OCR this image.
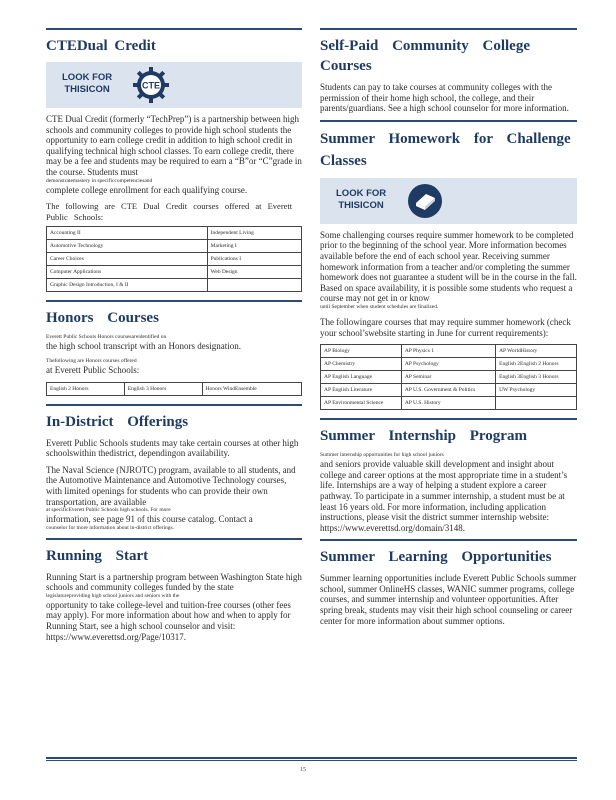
CTEDual Credit
LOOK FOR
THISICON	CTE

CTE Dual Credit (formerly “TechPrep”) is a partnership between high schools and community colleges to provide high school students the opportunity to earn college credit in addition to high school credit in qualifying technical high school classes. To earn college credit, there may be a fee and students may be required to earn a “B”or “C”grade in the course. Students must
demonstratemastery in specificcompetenciesand
complete college enrollment for each qualifying course.

The following are CTE Dual Credit courses offered at Everett Public Schools:

Accounting II	Independent Living
Automotive Technology	Marketing I
Career Choices	Publications I
Computer Applications	Web Design
Graphic Design Introduction, I & II	
Honors Courses

Everett Public Schools Honors coursesareidentified on
the high school transcript with an Honors designation.

Thefollowing are Honors courses offered
at Everett Public Schools:

English 2 Honors	English 3 Honors	Honors WindEnsemble
In-District Offerings

Everett Public Schools students may take certain courses at other high schoolswithin thedistrict, dependingon availability.

The Naval Science (NJROTC) program, available to all students, and the Automotive Maintenance and Automotive Technology courses, with limited openings for students who can provide their own transportation, are available
at specificEverett Public Schools high schools. For more
information, see page 91 of this course catalog. Contact a
counselor for more information about in-district offerings.

Running Start

Running Start is a partnership program between Washington State high schools and community colleges funded by the state
legislatureproviding high school juniors and seniors with the
opportunity to take college-level and tuition-free courses (other fees may apply). For more information about how and when to apply for Running Start, see a high school counselor and visit: https://www.everettsd.org/Page/10317.

Self-Paid Community College Courses

Students can pay to take courses at community colleges with the permission of their home high school, the college, and their parents/guardians. See a high school counselor for more information.

Summer Homework for Challenge Classes
LOOK FOR
THISICON

Some challenging courses require summer homework to be completed prior to the beginning of the school year. More information becomes available before the end of each school year. Receiving summer homework information from a teacher and/or completing the summer homework does not guarantee a student will be in the course in the fall. Based on space availability, it is possible some students who request a course may not get in or know
until September when student schedules are finalized.

The followingare courses that may require summer homework (check your school’swebsite starting in June for current requirements):

AP Biology	AP Physics 1	AP WorldHistory
AP Chemistry	AP Psychology	English 2English 2 Honors
AP English Language	AP Seminar	English 3English 3 Honors
AP English Literature	AP U.S. Government & Politics	UW Psychology
AP Environmental Science	AP U.S. History	
Summer Internship Program

Summer internship opportunities for high school juniors
and seniors provide valuable skill development and insight about college and career options at the most appropriate time in a student’s life. Internships are a way of helping a student explore a career pathway. To participate in a summer internship, a student must be at least 16 years old. For more information, including application instructions, please visit the district summer internship website: https://www.everettsd.org/domain/3148.

Summer Learning Opportunities

Summer learning opportunities include Everett Public Schools summer school, summer OnlineHS classes, WANIC summer programs, college courses, and summer internship and volunteer opportunities. After spring break, students may visit their high school counseling or career center for more information about summer options.

15
